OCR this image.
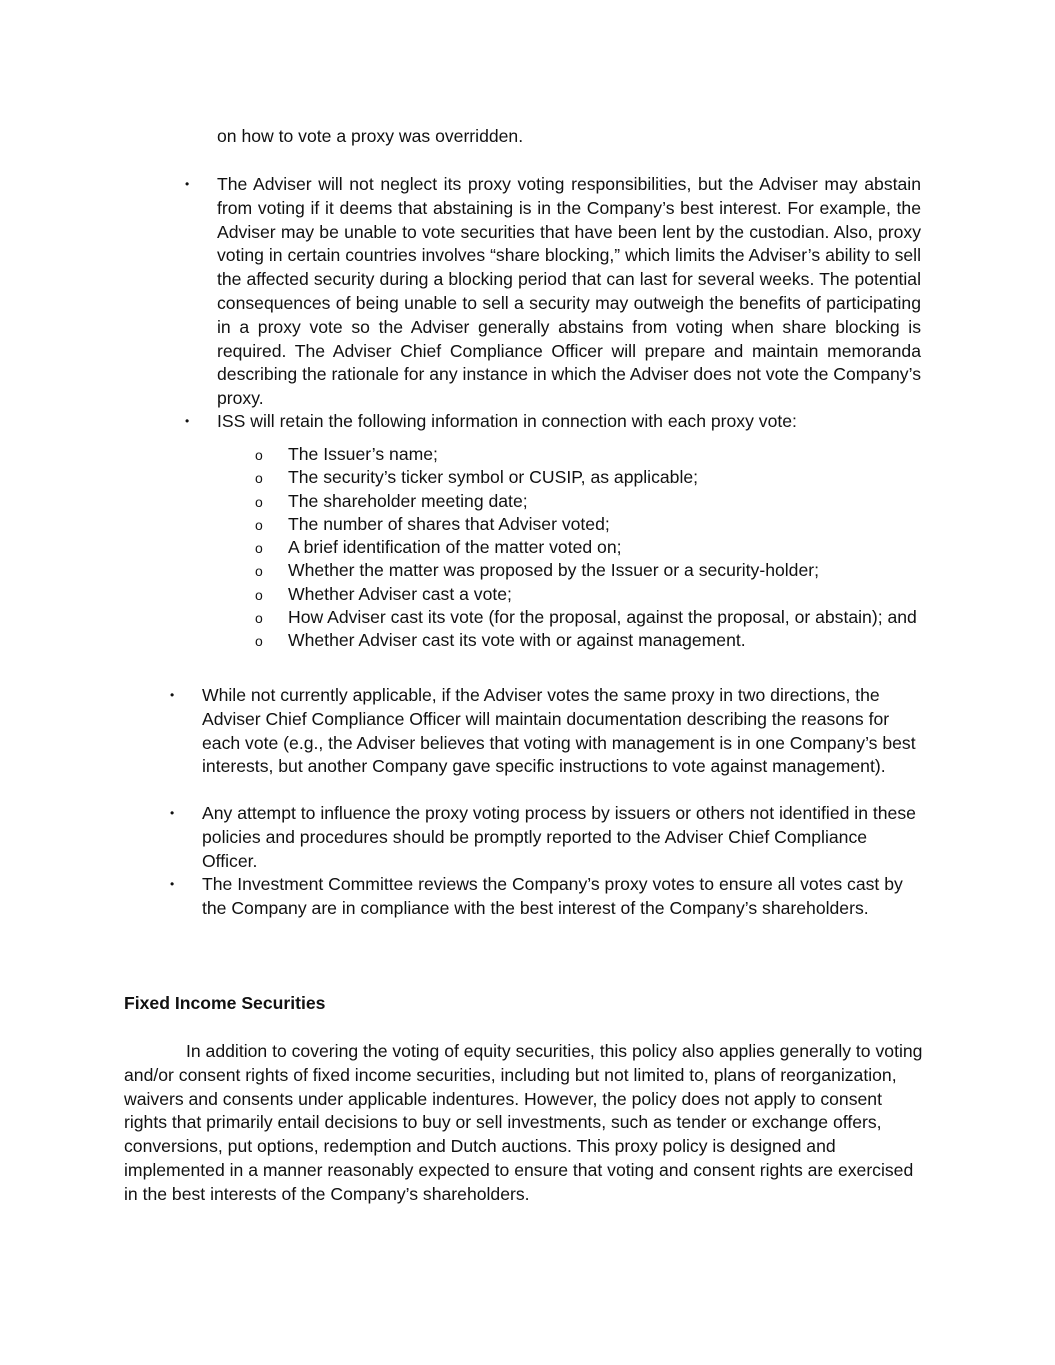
on how to vote a proxy was overridden.

• The Adviser will not neglect its proxy voting responsibilities, but the Adviser may abstain from voting if it deems that abstaining is in the Company’s best interest. For example, the Adviser may be unable to vote securities that have been lent by the custodian. Also, proxy voting in certain countries involves “share blocking,” which limits the Adviser’s ability to sell the affected security during a blocking period that can last for several weeks. The potential consequences of being unable to sell a security may outweigh the benefits of participating in a proxy vote so the Adviser generally abstains from voting when share blocking is required. The Adviser Chief Compliance Officer will prepare and maintain memoranda describing the rationale for any instance in which the Adviser does not vote the Company’s proxy.

• ISS will retain the following information in connection with each proxy vote:

o The Issuer’s name;
o The security’s ticker symbol or CUSIP, as applicable;
o The shareholder meeting date;
o The number of shares that Adviser voted;
o A brief identification of the matter voted on;
o Whether the matter was proposed by the Issuer or a security-holder;
o Whether Adviser cast a vote;
o How Adviser cast its vote (for the proposal, against the proposal, or abstain); and
o Whether Adviser cast its vote with or against management.
• While not currently applicable, if the Adviser votes the same proxy in two directions, the Adviser Chief Compliance Officer will maintain documentation describing the reasons for each vote (e.g., the Adviser believes that voting with management is in one Company’s best interests, but another Company gave specific instructions to vote against management).

• Any attempt to influence the proxy voting process by issuers or others not identified in these policies and procedures should be promptly reported to the Adviser Chief Compliance Officer.

• The Investment Committee reviews the Company’s proxy votes to ensure all votes cast by the Company are in compliance with the best interest of the Company’s shareholders.

Fixed Income Securities

In addition to covering the voting of equity securities, this policy also applies generally to voting and/or consent rights of fixed income securities, including but not limited to, plans of reorganization, waivers and consents under applicable indentures. However, the policy does not apply to consent rights that primarily entail decisions to buy or sell investments, such as tender or exchange offers, conversions, put options, redemption and Dutch auctions. This proxy policy is designed and implemented in a manner reasonably expected to ensure that voting and consent rights are exercised in the best interests of the Company’s shareholders.
